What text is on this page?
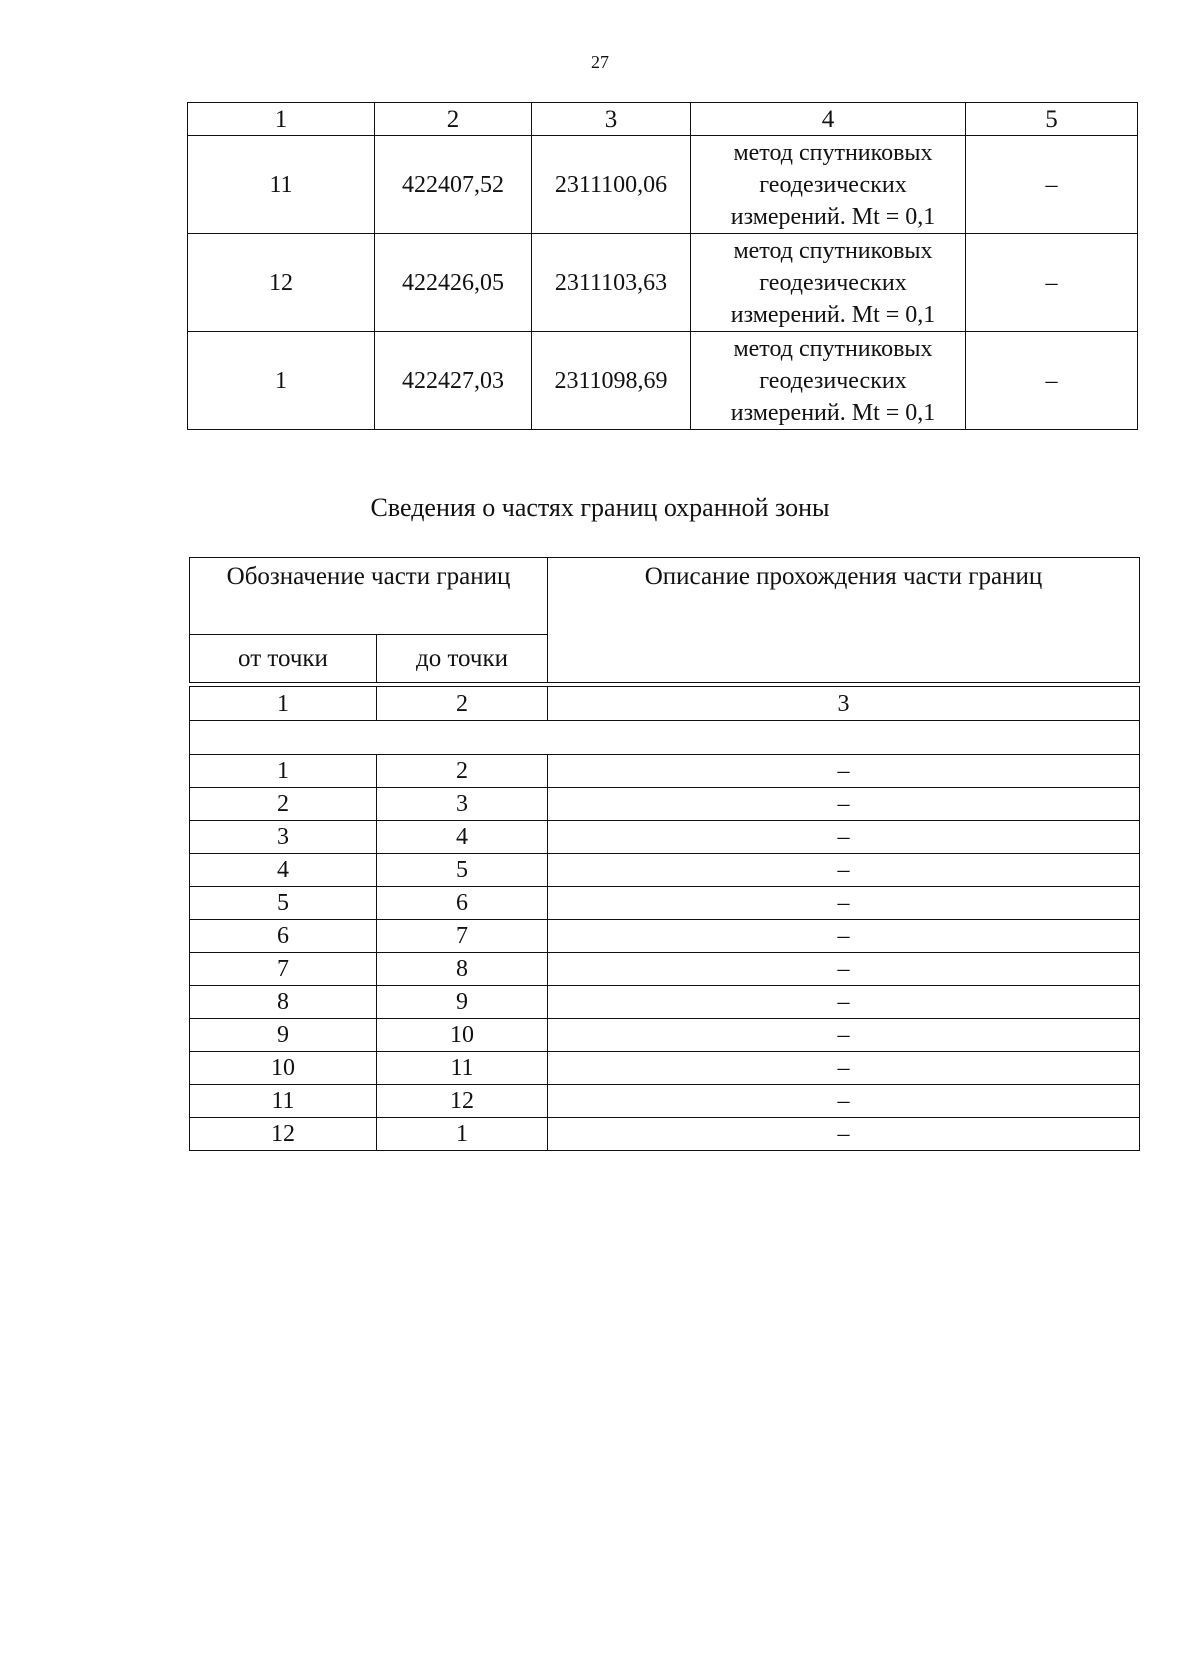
27
1	2	3	4	5
11	422407,52	2311100,06	метод спутниковых
геодезических
измерений. Mt = 0,1	–
12	422426,05	2311103,63	метод спутниковых
геодезических
измерений. Mt = 0,1	–
1	422427,03	2311098,69	метод спутниковых
геодезических
измерений. Mt = 0,1	–
Сведения о частях границ охранной зоны
Обозначение части границ		Описание прохождения части границ
от точки	до точки	

1	2	3

1	2	–
2	3	–
3	4	–
4	5	–
5	6	–
6	7	–
7	8	–
8	9	–
9	10	–
10	11	–
11	12	–
12	1	–
